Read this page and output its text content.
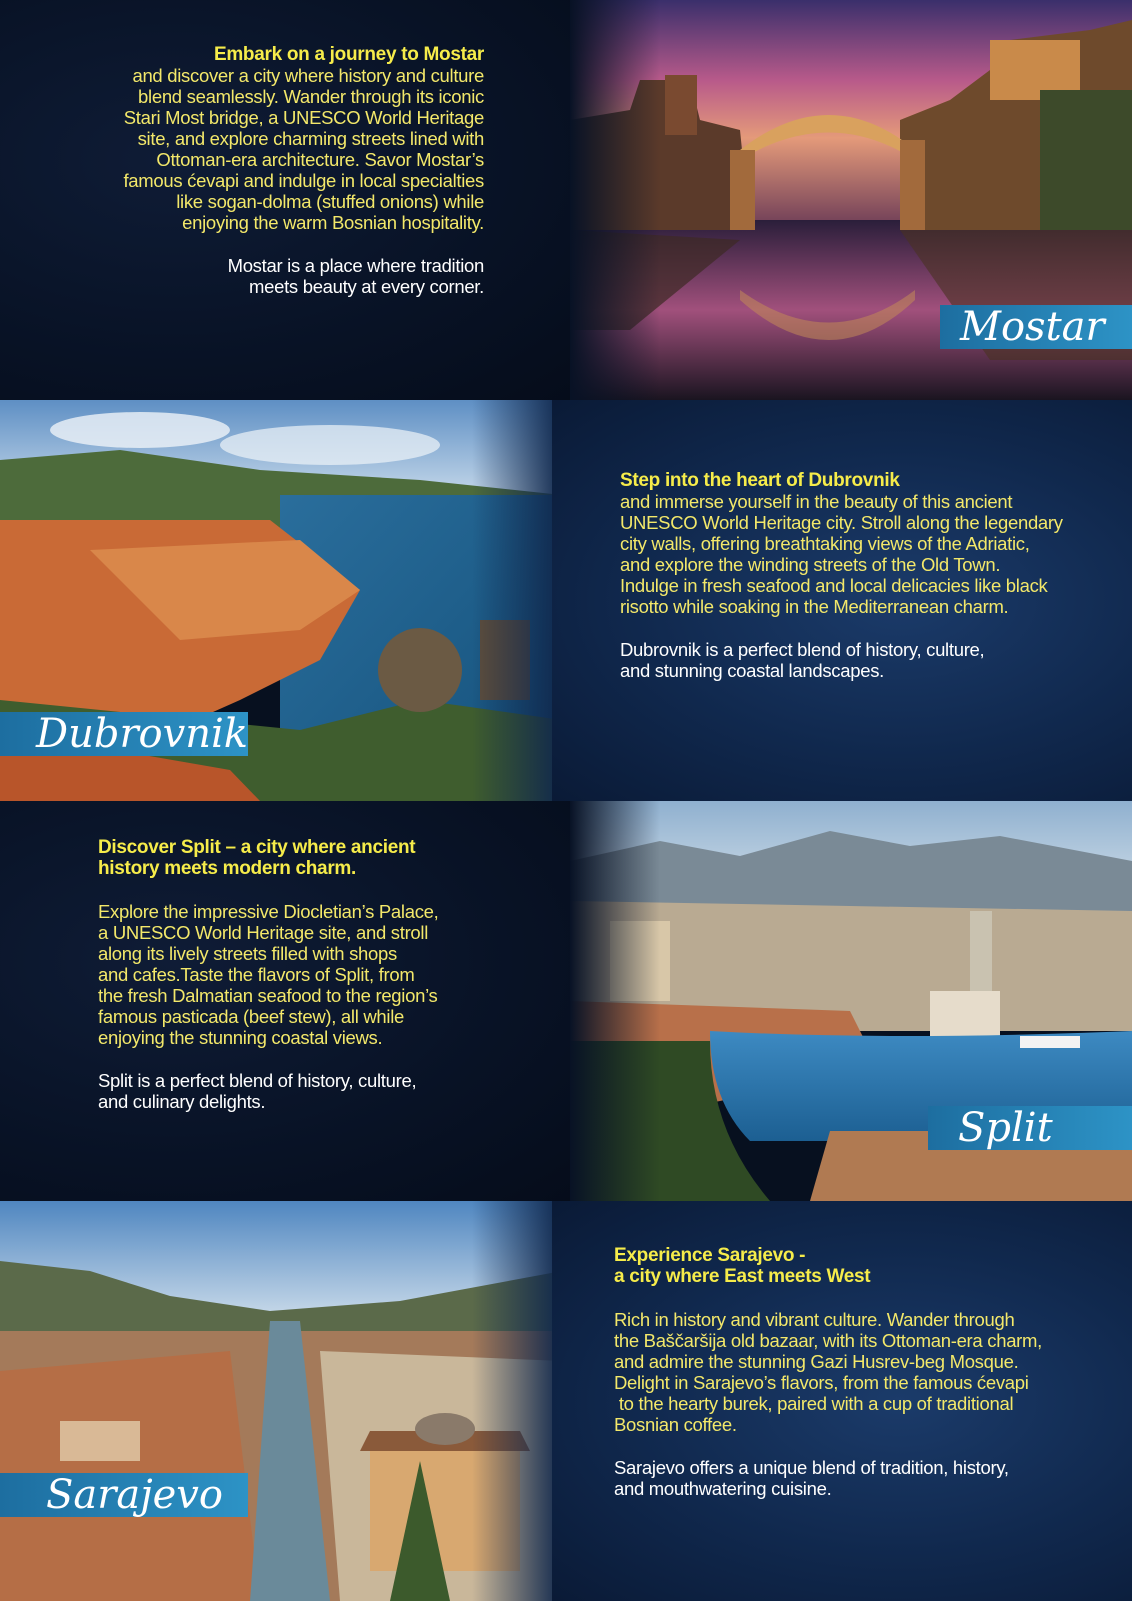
Embark on a journey to Mostar

and discover a city where history and culture

blend seamlessly. Wander through its iconic

Stari Most bridge, a UNESCO World Heritage

site, and explore charming streets lined with

Ottoman-era architecture. Savor Mostar’s

famous ćevapi and indulge in local specialties

like sogan-dolma (stuffed onions) while

enjoying the warm Bosnian hospitality.

Mostar is a place where tradition

meets beauty at every corner.

Mostar

Step into the heart of Dubrovnik

and immerse yourself in the beauty of this ancient

UNESCO World Heritage city. Stroll along the legendary

city walls, offering breathtaking views of the Adriatic,

and explore the winding streets of the Old Town.

Indulge in fresh seafood and local delicacies like black

risotto while soaking in the Mediterranean charm.

Dubrovnik is a perfect blend of history, culture,

and stunning coastal landscapes.

Dubrovnik

Discover Split – a city where ancient

history meets modern charm.

Explore the impressive Diocletian’s Palace,

a UNESCO World Heritage site, and stroll

along its lively streets filled with shops

and cafes.Taste the flavors of Split, from

the fresh Dalmatian seafood to the region’s

famous pasticada (beef stew), all while

enjoying the stunning coastal views.

Split is a perfect blend of history, culture,

and culinary delights.

Split

Experience Sarajevo -

a city where East meets West

Rich in history and vibrant culture. Wander through

the Baščaršija old bazaar, with its Ottoman-era charm,

and admire the stunning Gazi Husrev-beg Mosque.

Delight in Sarajevo’s flavors, from the famous ćevapi

to the hearty burek, paired with a cup of traditional

Bosnian coffee.

Sarajevo offers a unique blend of tradition, history,

and mouthwatering cuisine.

Sarajevo
